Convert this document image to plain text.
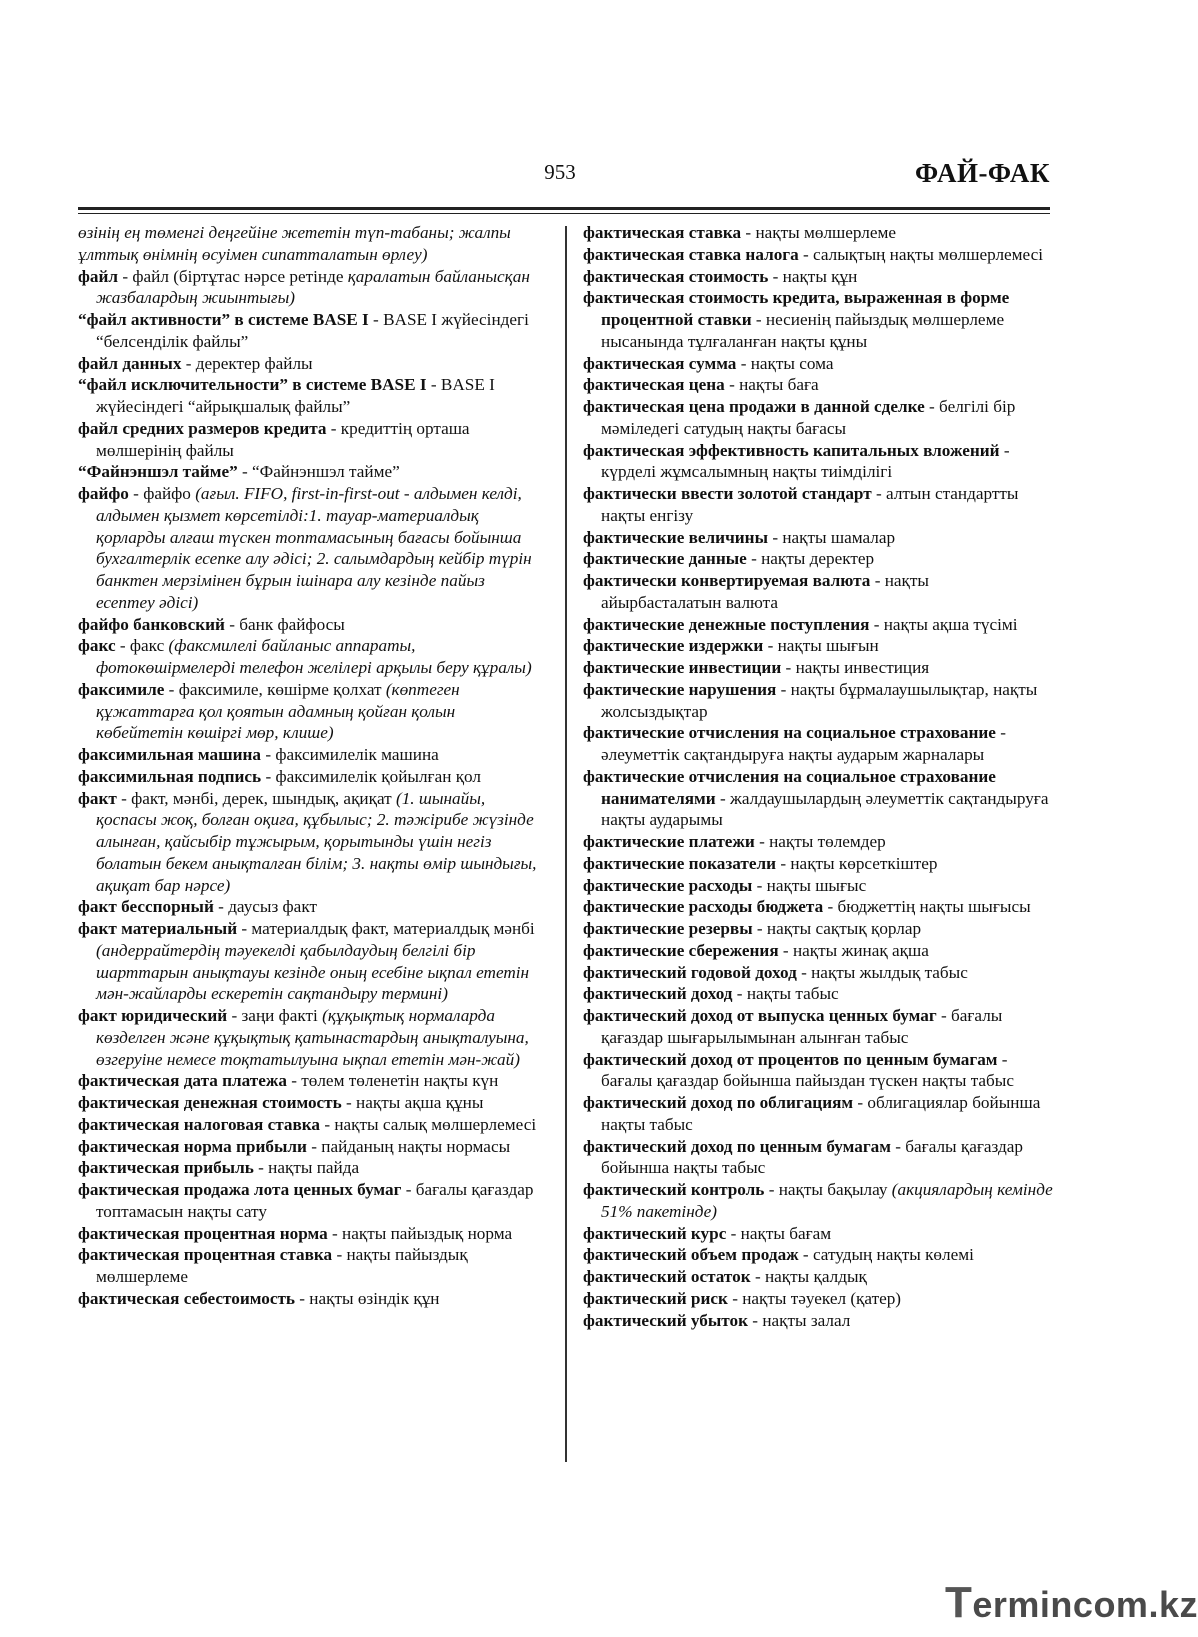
953	ФАЙ-ФАК

өзінің ең төменгі деңгейіне жететін түп-табаны; жалпы ұлттық өнімнің өсуімен сипатталатын өрлеу)

файл - файл (біртұтас нәрсе ретінде қаралатын байланысқан жазбалардың жиынтығы)

“файл активности” в системе BASE I - BASE I жүйесіндегі “белсенділік файлы”

файл данных - деректер файлы

“файл исключительности” в системе BASE I - BASE I жүйесіндегі “айрықшалық файлы”

файл средних размеров кредита - кредиттің орташа мөлшерінің файлы

“Файнэншэл тайме” - “Файнэншэл тайме”

файфо - файфо (ағыл. FIFO, first-in-first-out - алдымен келді, алдымен қызмет көрсетілді:1. тауар-материалдық қорларды алғаш түскен топтамасының бағасы бойынша бухгалтерлік есепке алу әдісі; 2. салымдардың кейбір түрін банктен мерзімінен бұрын ішінара алу кезінде пайыз есептеу әдісі)

файфо банковский - банк файфосы

факс - факс (факсмилелі байланыс аппараты, фотокөшірмелерді телефон желілері арқылы беру құралы)

факсимиле - факсимиле, көшірме қолхат (көптеген құжаттарға қол қоятын адамның қойған қолын көбейтетін көшіргі мөр, клише)

факсимильная машина - факсимилелік машина

факсимильная подпись - факсимилелік қойылған қол

факт - факт, мәнбі, дерек, шындық, ақиқат (1. шынайы, қоспасы жоқ, болған оқиға, құбылыс; 2. тәжірибе жүзінде алынған, қайсыбір тұжырым, қорытынды үшін негіз болатын бекем анықталған білім; 3. нақты өмір шындығы, ақиқат бар нәрсе)

факт бесспорный - даусыз факт

факт материальный - материалдық факт, материалдық мәнбі (андеррайтердің тәуекелді қабылдаудың белгілі бір шарттарын анықтауы кезінде оның есебіне ықпал ететін мән-жайларды ескеретін сақтандыру термині)

факт юридический - заңи факті (құқықтық нормаларда көзделген және құқықтық қатынастардың анықталуына, өзгеруіне немесе тоқтатылуына ықпал ететін мән-жай)

фактическая дата платежа - төлем төленетін нақты күн

фактическая денежная стоимость - нақты ақша құны

фактическая налоговая ставка - нақты салық мөлшерлемесі

фактическая норма прибыли - пайданың нақты нормасы

фактическая прибыль - нақты пайда

фактическая продажа лота ценных бумаг - бағалы қағаздар топтамасын нақты сату

фактическая процентная норма - нақты пайыздық норма

фактическая процентная ставка - нақты пайыздық мөлшерлеме

фактическая себестоимость - нақты өзіндік құн

фактическая ставка - нақты мөлшерлеме

фактическая ставка налога - салықтың нақты мөлшерлемесі

фактическая стоимость - нақты құн

фактическая стоимость кредита, выраженная в форме процентной ставки - несиенің пайыздық мөлшерлеме нысанында тұлғаланған нақты құны

фактическая сумма - нақты сома

фактическая цена - нақты баға

фактическая цена продажи в данной сделке - белгілі бір мәміледегі сатудың нақты бағасы

фактическая эффективность капитальных вложений - күрделі жұмсалымның нақты тиімділігі

фактически ввести золотой стандарт - алтын стандартты нақты енгізу

фактические величины - нақты шамалар

фактические данные - нақты деректер

фактически конвертируемая валюта - нақты айырбасталатын валюта

фактические денежные поступления - нақты ақша түсімі

фактические издержки - нақты шығын

фактические инвестиции - нақты инвестиция

фактические нарушения - нақты бұрмалаушылықтар, нақты жолсыздықтар

фактические отчисления на социальное страхование - әлеуметтік сақтандыруға нақты аударым жарналары

фактические отчисления на социальное страхование нанимателями - жалдаушылардың әлеуметтік сақтандыруға нақты аударымы

фактические платежи - нақты төлемдер

фактические показатели - нақты көрсеткіштер

фактические расходы - нақты шығыс

фактические расходы бюджета - бюджеттің нақты шығысы

фактические резервы - нақты сақтық қорлар

фактические сбережения - нақты жинақ ақша

фактический годовой доход - нақты жылдық табыс

фактический доход - нақты табыс

фактический доход от выпуска ценных бумаг - бағалы қағаздар шығарылымынан алынған табыс

фактический доход от процентов по ценным бумагам - бағалы қағаздар бойынша пайыздан түскен нақты табыс

фактический доход по облигациям - облигациялар бойынша нақты табыс

фактический доход по ценным бумагам - бағалы қағаздар бойынша нақты табыс

фактический контроль - нақты бақылау (акциялардың кемінде 51% пакетінде)

фактический курс - нақты бағам

фактический объем продаж - сатудың нақты көлемі

фактический остаток - нақты қалдық

фактический риск - нақты тәуекел (қатер)

фактический убыток - нақты залал

Termincom.kz
